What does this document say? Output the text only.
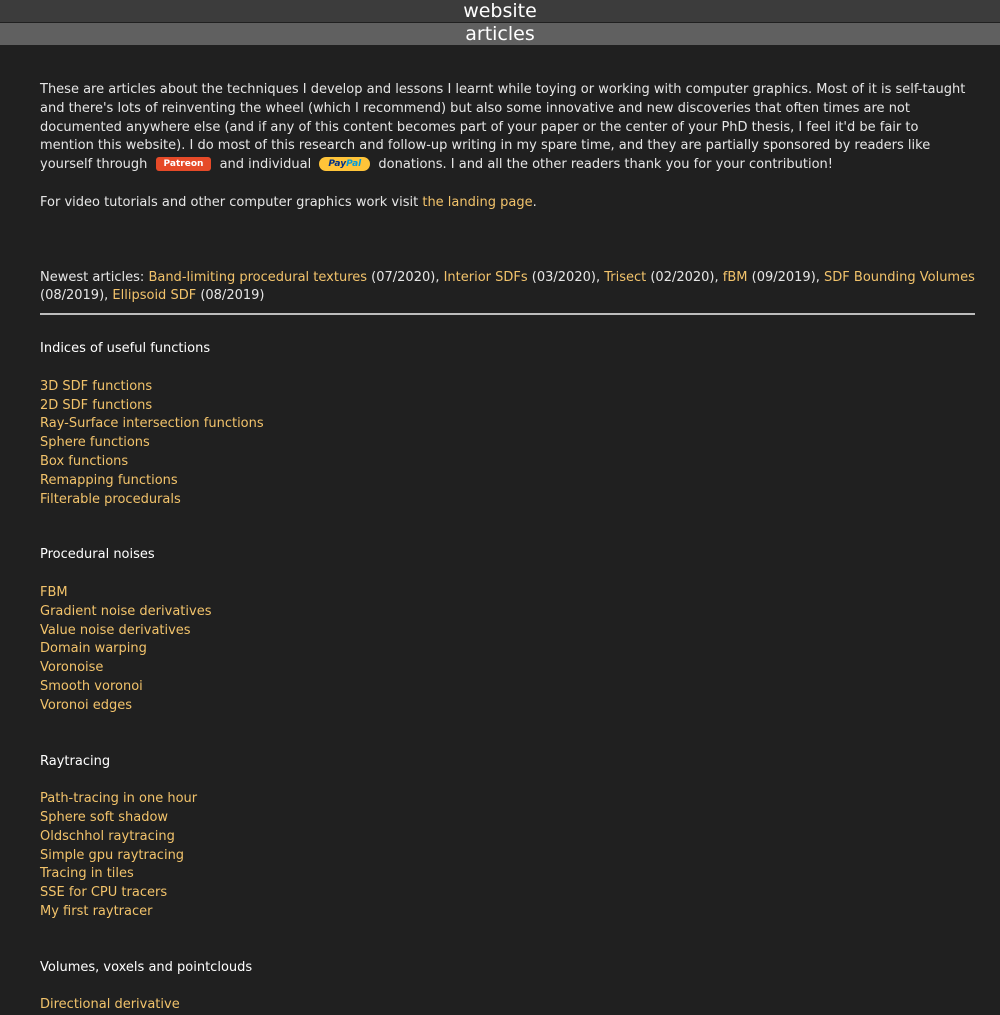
website
articles

These are articles about the techniques I develop and lessons I learnt while toying or working with computer graphics. Most of it is self-taught and there's lots of reinventing the wheel (which I recommend) but also some innovative and new discoveries that often times are not documented anywhere else (and if any of this content becomes part of your paper or the center of your PhD thesis, I feel it'd be fair to mention this website). I do most of this research and follow-up writing in my spare time, and they are partially sponsored by readers like yourself through Patreon and individual PayPal donations. I and all the other readers thank you for your contribution!

For video tutorials and other computer graphics work visit the landing page.

Newest articles: Band-limiting procedural textures (07/2020), Interior SDFs (03/2020), Trisect (02/2020), fBM (09/2019), SDF Bounding Volumes (08/2019), Ellipsoid SDF (08/2019)

Indices of useful functions
3D SDF functions
2D SDF functions
Ray-Surface intersection functions
Sphere functions
Box functions
Remapping functions
Filterable procedurals
Procedural noises
FBM
Gradient noise derivatives
Value noise derivatives
Domain warping
Voronoise
Smooth voronoi
Voronoi edges
Raytracing
Path-tracing in one hour
Sphere soft shadow
Oldschhol raytracing
Simple gpu raytracing
Tracing in tiles
SSE for CPU tracers
My first raytracer
Volumes, voxels and pointclouds
Directional derivative
